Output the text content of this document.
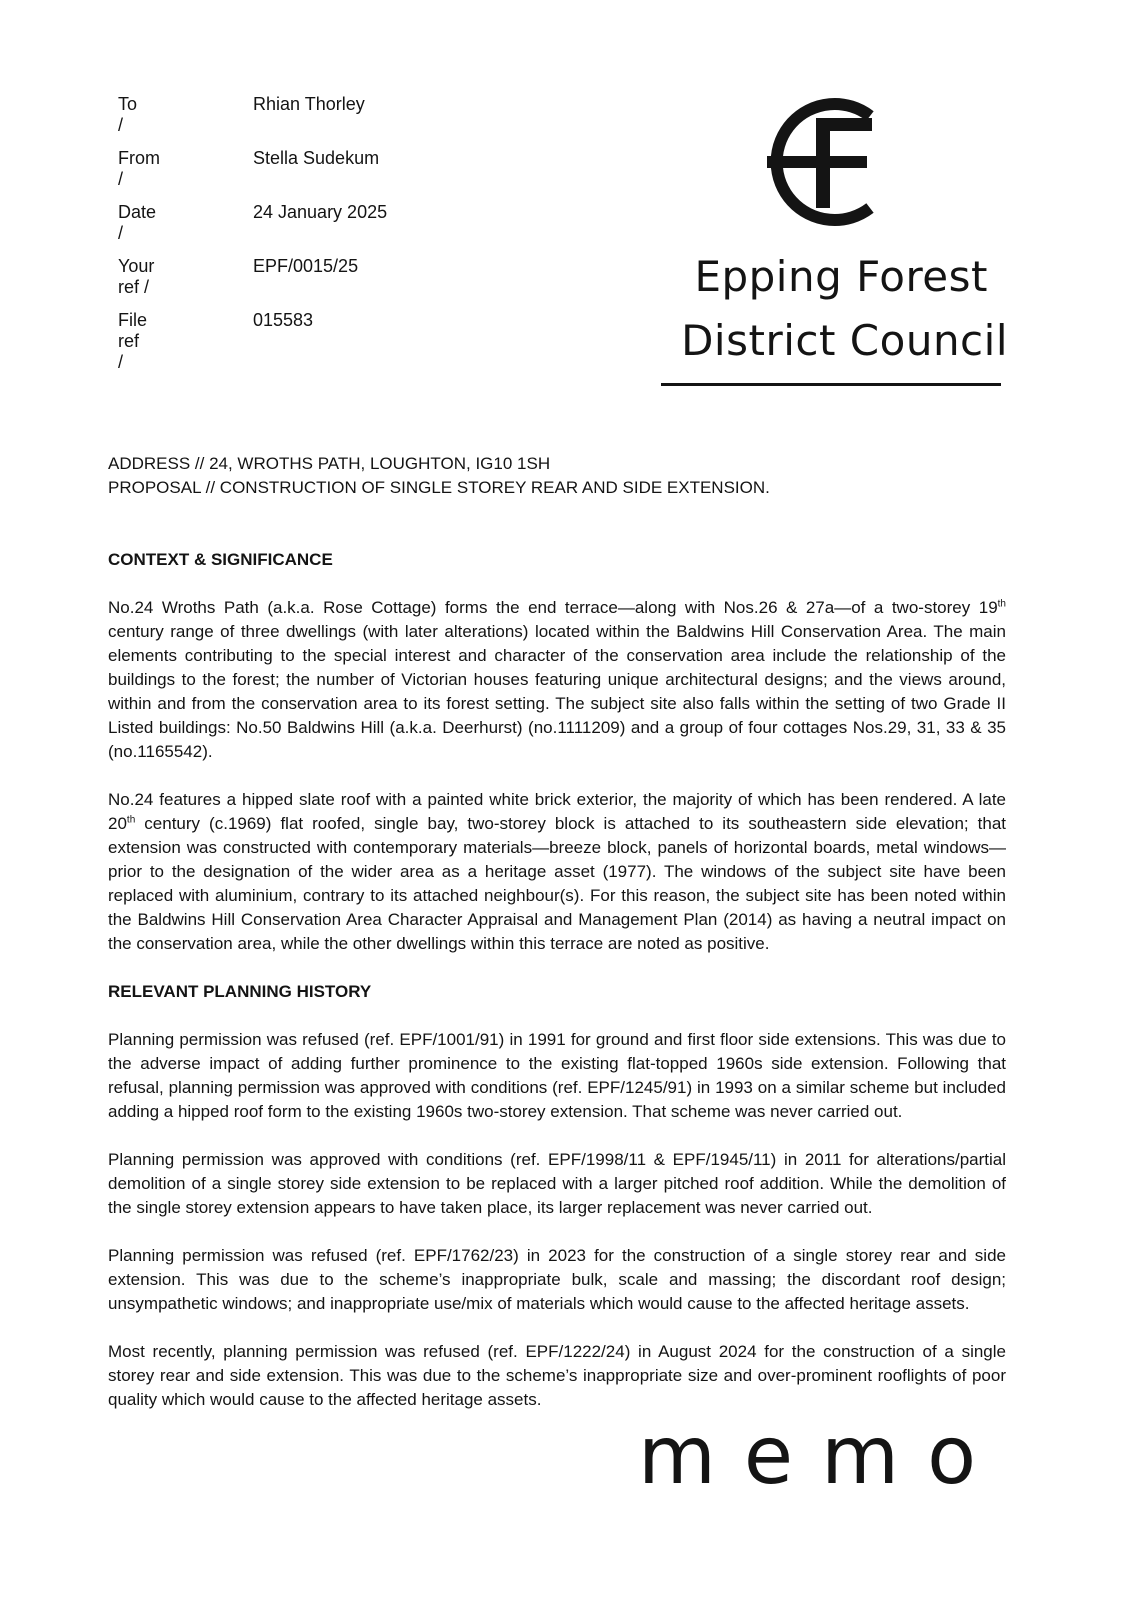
To /
Rhian Thorley
From /
Stella Sudekum
Date /
24 January 2025
Your ref /
EPF/0015/25
File ref /
015583
Epping Forest
District Council

ADDRESS // 24, WROTHS PATH, LOUGHTON, IG10 1SH

PROPOSAL // CONSTRUCTION OF SINGLE STOREY REAR AND SIDE EXTENSION.

CONTEXT & SIGNIFICANCE

No.24 Wroths Path (a.k.a. Rose Cottage) forms the end terrace—along with Nos.26 & 27a—of a two-storey 19th century range of three dwellings (with later alterations) located within the Baldwins Hill Conservation Area. The main elements contributing to the special interest and character of the conservation area include the relationship of the buildings to the forest; the number of Victorian houses featuring unique architectural designs; and the views around, within and from the conservation area to its forest setting. The subject site also falls within the setting of two Grade II Listed buildings: No.50 Baldwins Hill (a.k.a. Deerhurst) (no.1111209) and a group of four cottages Nos.29, 31, 33 & 35 (no.1165542).

No.24 features a hipped slate roof with a painted white brick exterior, the majority of which has been rendered. A late 20th century (c.1969) flat roofed, single bay, two-storey block is attached to its southeastern side elevation; that extension was constructed with contemporary materials—breeze block, panels of horizontal boards, metal windows—prior to the designation of the wider area as a heritage asset (1977). The windows of the subject site have been replaced with aluminium, contrary to its attached neighbour(s). For this reason, the subject site has been noted within the Baldwins Hill Conservation Area Character Appraisal and Management Plan (2014) as having a neutral impact on the conservation area, while the other dwellings within this terrace are noted as positive.

RELEVANT PLANNING HISTORY

Planning permission was refused (ref. EPF/1001/91) in 1991 for ground and first floor side extensions. This was due to the adverse impact of adding further prominence to the existing flat-topped 1960s side extension. Following that refusal, planning permission was approved with conditions (ref. EPF/1245/91) in 1993 on a similar scheme but included adding a hipped roof form to the existing 1960s two-storey extension. That scheme was never carried out.

Planning permission was approved with conditions (ref. EPF/1998/11 & EPF/1945/11) in 2011 for alterations/partial demolition of a single storey side extension to be replaced with a larger pitched roof addition. While the demolition of the single storey extension appears to have taken place, its larger replacement was never carried out.

Planning permission was refused (ref. EPF/1762/23) in 2023 for the construction of a single storey rear and side extension. This was due to the scheme’s inappropriate bulk, scale and massing; the discordant roof design; unsympathetic windows; and inappropriate use/mix of materials which would cause to the affected heritage assets.

Most recently, planning permission was refused (ref. EPF/1222/24) in August 2024 for the construction of a single storey rear and side extension. This was due to the scheme’s inappropriate size and over-prominent rooflights of poor quality which would cause to the affected heritage assets.

memo
